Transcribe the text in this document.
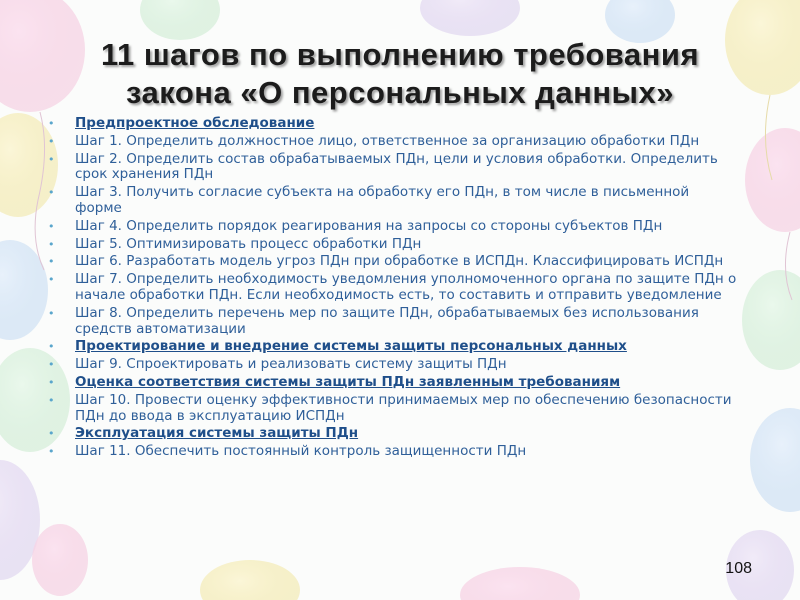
11 шагов по выполнению требования
закона «О персональных данных»
• Предпроектное обследование
• Шаг 1. Определить должностное лицо, ответственное за организацию обработки ПДн
• Шаг 2. Определить состав обрабатываемых ПДн, цели и условия обработки. Определить срок хранения ПДн
• Шаг 3. Получить согласие субъекта на обработку его ПДн, в том числе в письменной форме
• Шаг 4. Определить порядок реагирования на запросы со стороны субъектов ПДн
• Шаг 5. Оптимизировать процесс обработки ПДн
• Шаг 6. Разработать модель угроз ПДн при обработке в ИСПДн. Классифицировать ИСПДн
• Шаг 7. Определить необходимость уведомления уполномоченного органа по защите ПДн о начале обработки ПДн. Если необходимость есть, то составить и отправить уведомление
• Шаг 8. Определить перечень мер по защите ПДн, обрабатываемых без использования средств автоматизации
• Проектирование и внедрение системы защиты персональных данных
• Шаг 9. Спроектировать и реализовать систему защиты ПДн
• Оценка соответствия системы защиты ПДн заявленным требованиям
• Шаг 10. Провести оценку эффективности принимаемых мер по обеспечению безопасности ПДн до ввода в эксплуатацию ИСПДн
• Эксплуатация системы защиты ПДн
• Шаг 11. Обеспечить постоянный контроль защищенности ПДн
108
